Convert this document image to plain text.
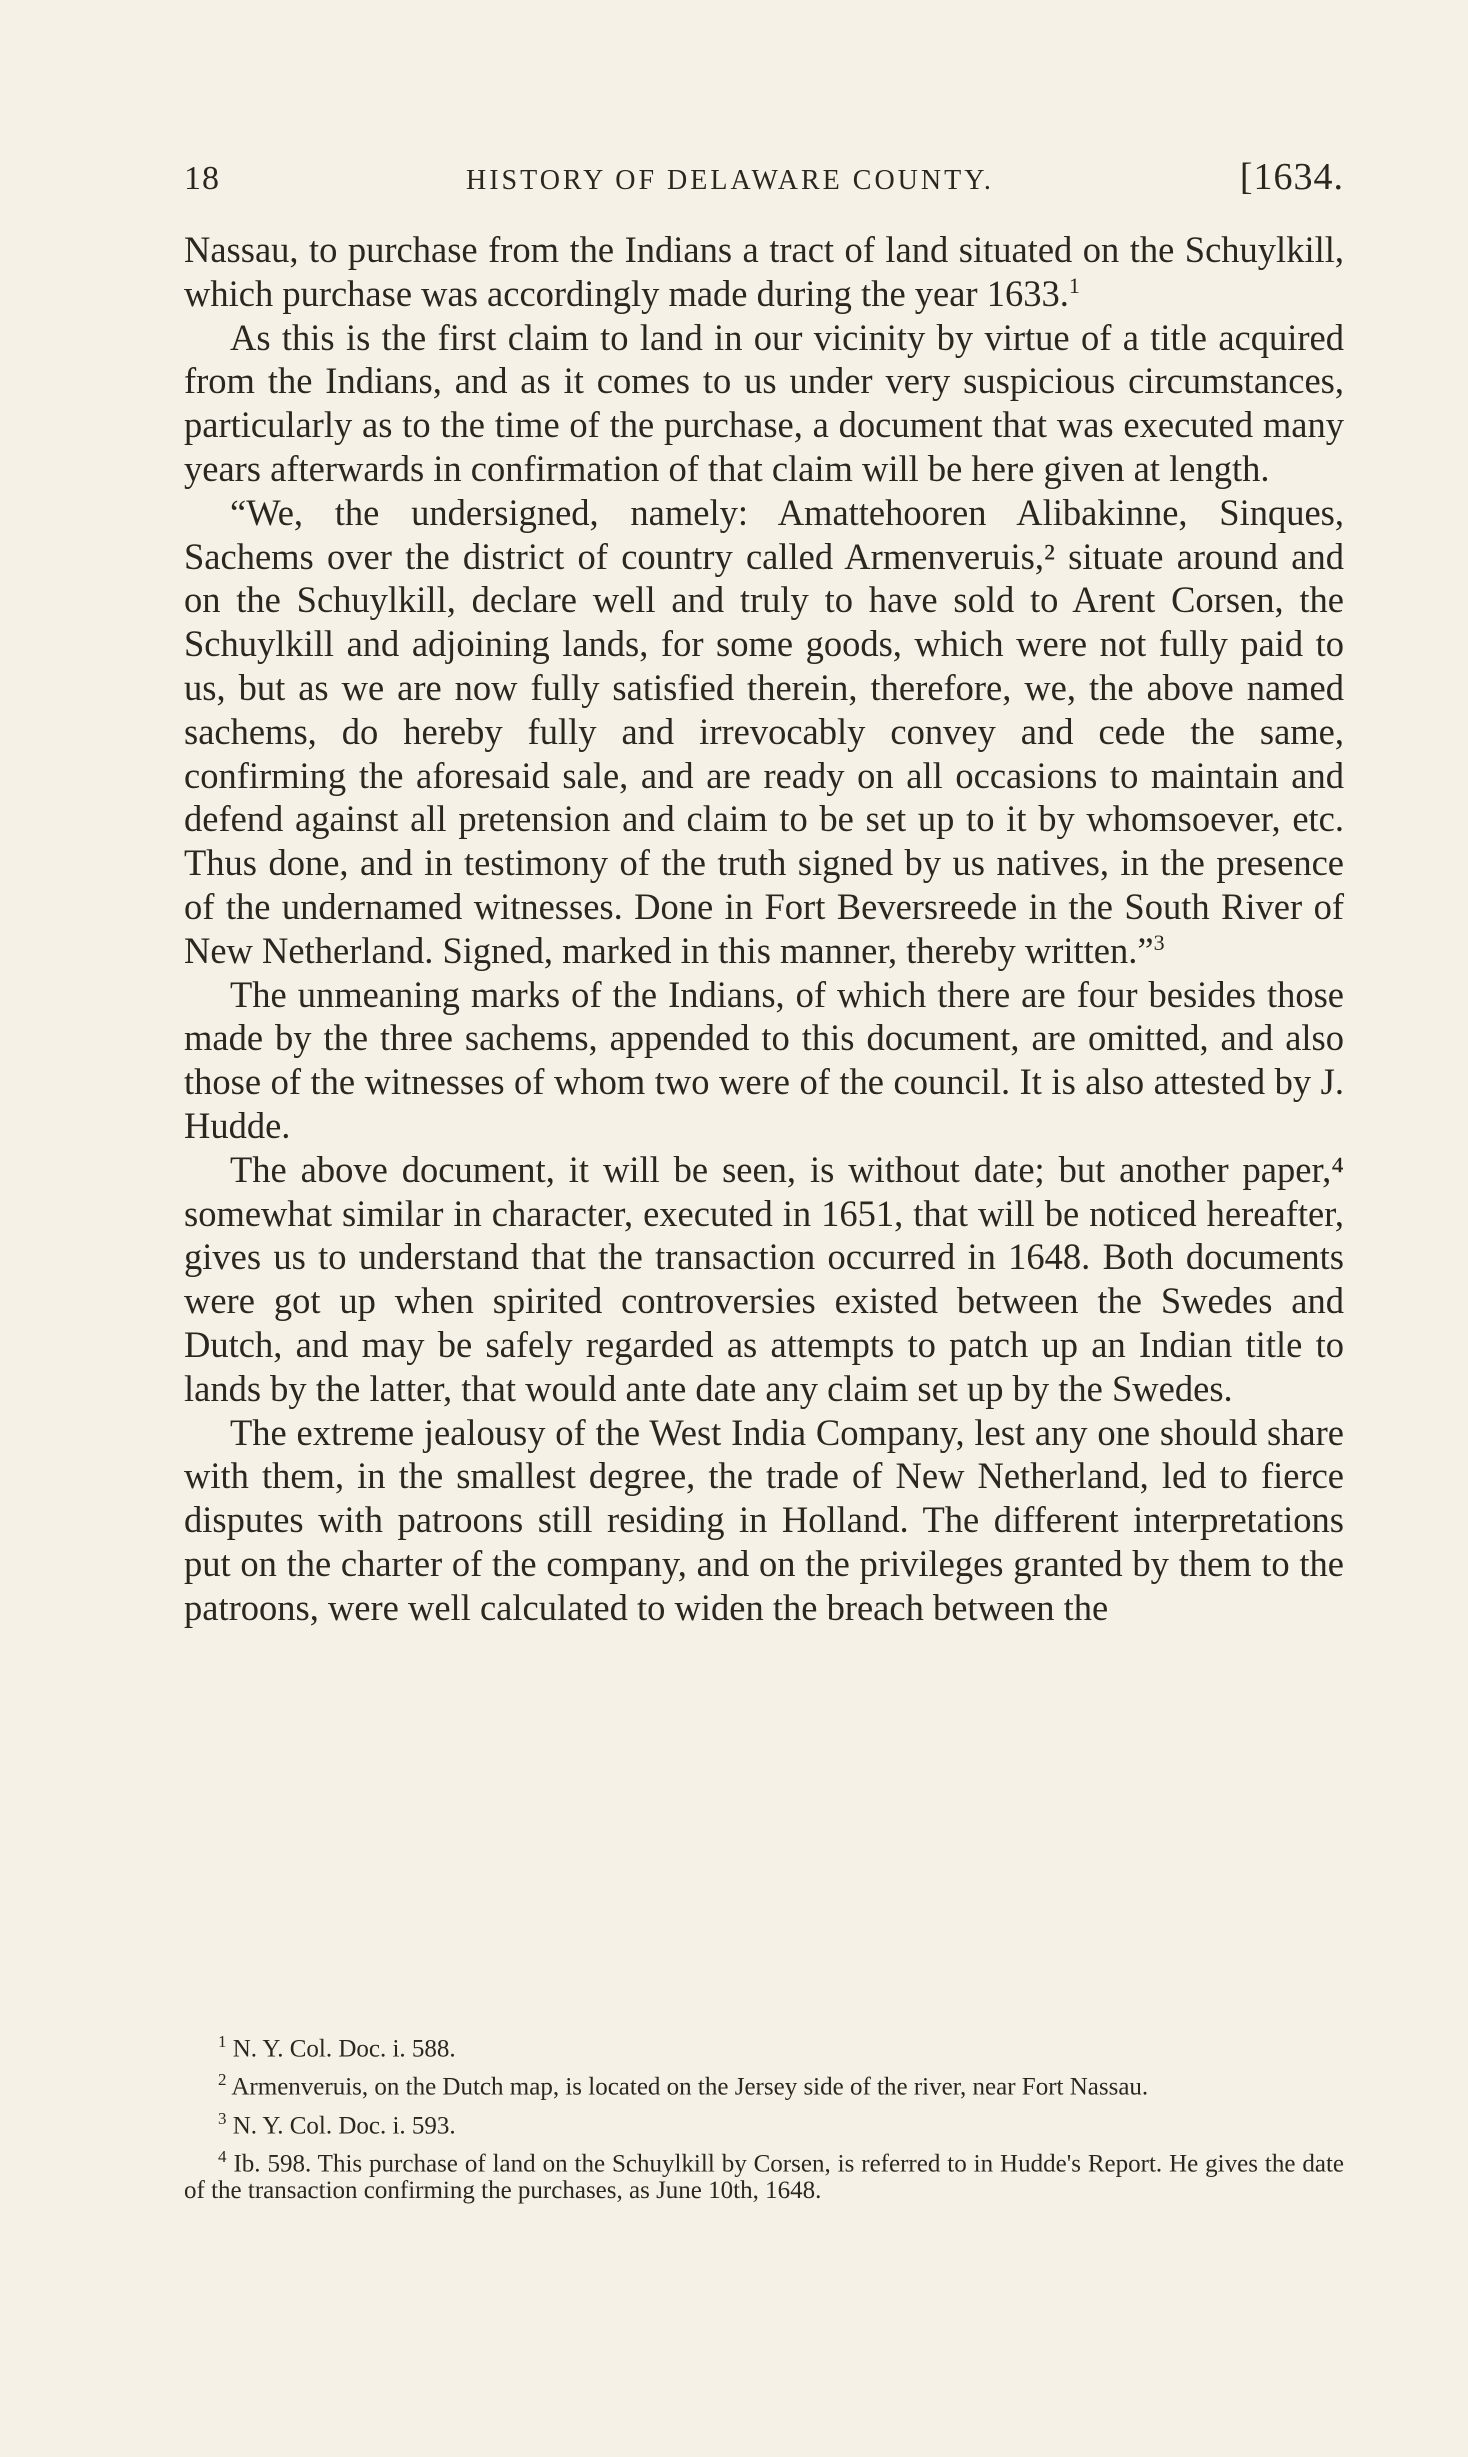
18	HISTORY OF DELAWARE COUNTY.	[1634.

Nassau, to purchase from the Indians a tract of land situated on the Schuylkill, which purchase was accordingly made during the year 1633.$^1$

As this is the first claim to land in our vicinity by virtue of a title acquired from the Indians, and as it comes to us under very suspicious circumstances, particularly as to the time of the purchase, a document that was executed many years afterwards in confirmation of that claim will be here given at length.

“We, the undersigned, namely: Amattehooren Alibakinne, Sinques, Sachems over the district of country called Armenveruis,² situate around and on the Schuylkill, declare well and truly to have sold to Arent Corsen, the Schuylkill and adjoining lands, for some goods, which were not fully paid to us, but as we are now fully satisfied therein, therefore, we, the above named sachems, do hereby fully and irrevocably convey and cede the same, confirming the aforesaid sale, and are ready on all occasions to maintain and defend against all pretension and claim to be set up to it by whomsoever, etc. Thus done, and in testimony of the truth signed by us natives, in the presence of the undernamed witnesses. Done in Fort Beversreede in the South River of New Netherland. Signed, marked in this manner, thereby written.”$^3$

The unmeaning marks of the Indians, of which there are four besides those made by the three sachems, appended to this document, are omitted, and also those of the witnesses of whom two were of the council. It is also attested by J. Hudde.

The above document, it will be seen, is without date; but another paper,⁴ somewhat similar in character, executed in 1651, that will be noticed hereafter, gives us to understand that the transaction occurred in 1648. Both documents were got up when spirited controversies existed between the Swedes and Dutch, and may be safely regarded as attempts to patch up an Indian title to lands by the latter, that would ante date any claim set up by the Swedes.

The extreme jealousy of the West India Company, lest any one should share with them, in the smallest degree, the trade of New Netherland, led to fierce disputes with patroons still residing in Holland. The different interpretations put on the charter of the company, and on the privileges granted by them to the patroons, were well calculated to widen the breach between the

$^1$ N. Y. Col. Doc. i. 588.

$^2$ Armenveruis, on the Dutch map, is located on the Jersey side of the river, near Fort Nassau.

$^3$ N. Y. Col. Doc. i. 593.

$^4$ Ib. 598. This purchase of land on the Schuylkill by Corsen, is referred to in Hudde's Report. He gives the date of the transaction confirming the purchases, as June 10th, 1648.
